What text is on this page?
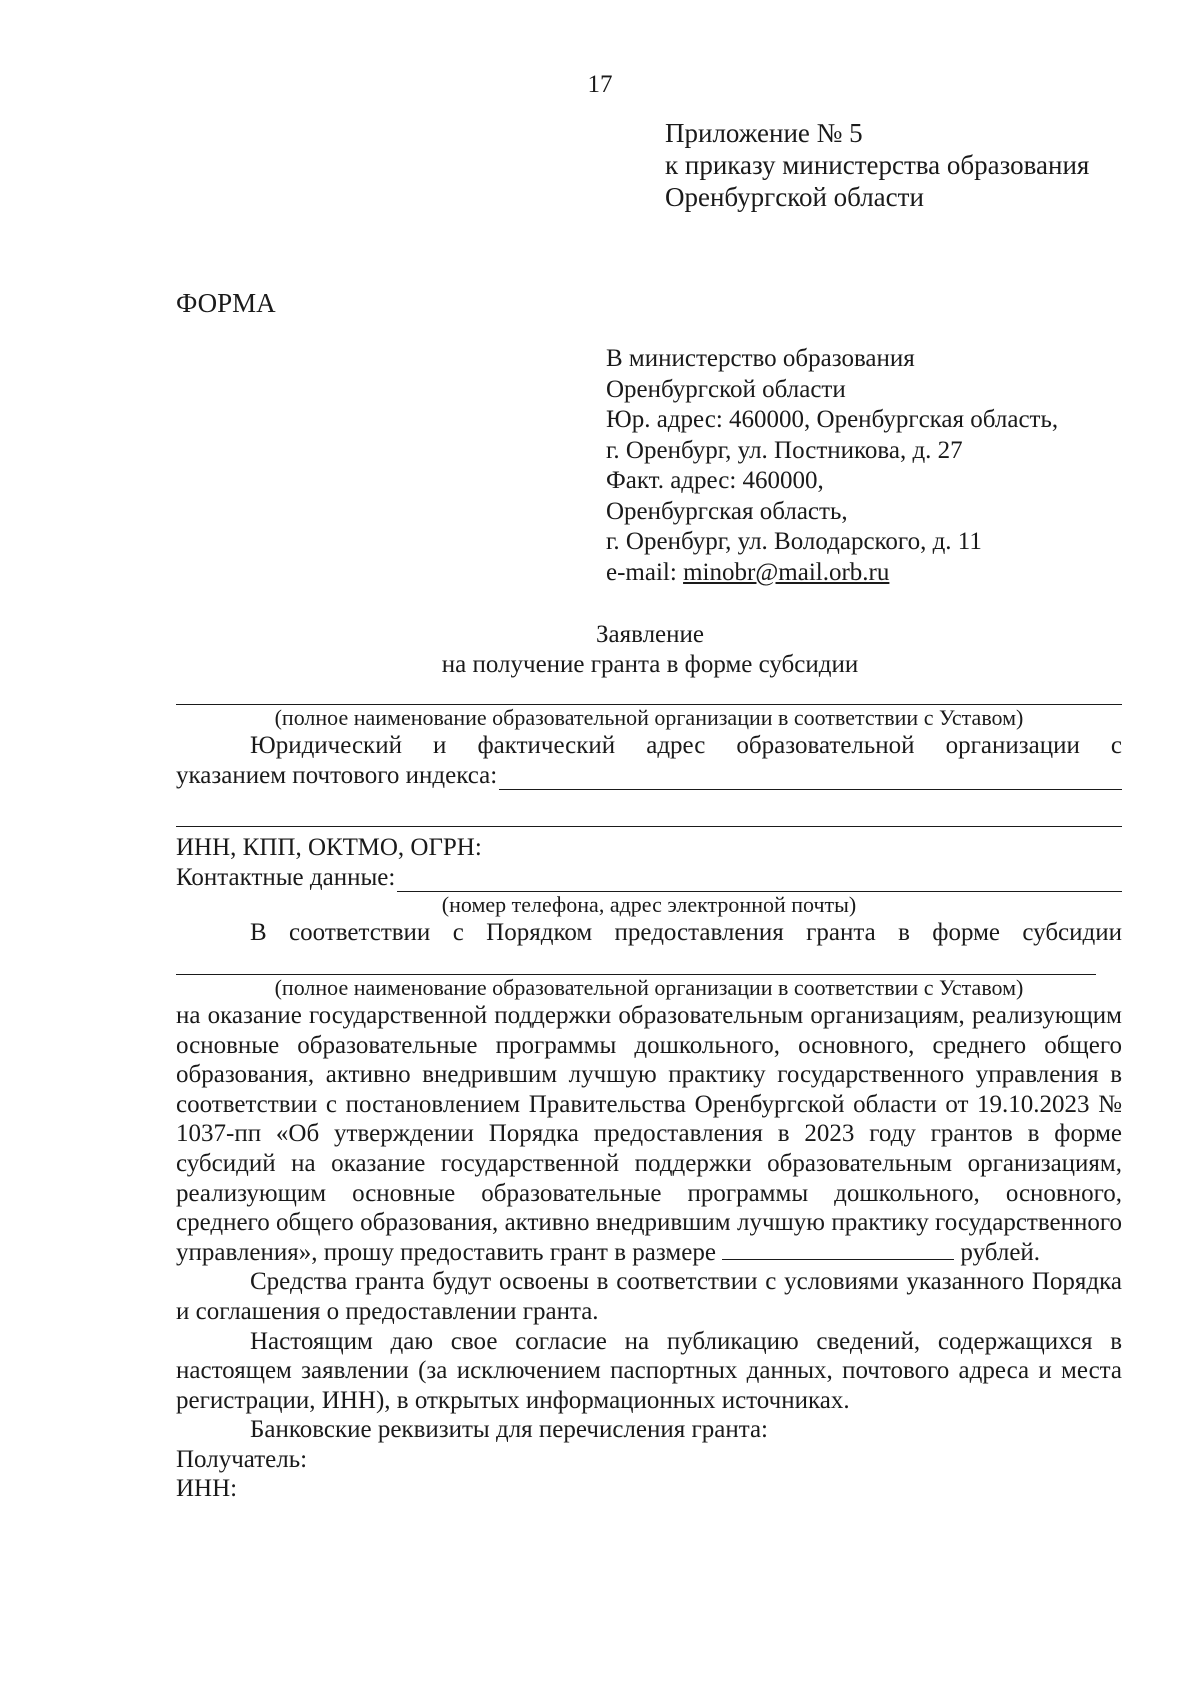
17
Приложение № 5
к приказу министерства образования
Оренбургской области
ФОРМА
В министерство образования
Оренбургской области
Юр. адрес: 460000, Оренбургская область,
г. Оренбург, ул. Постникова, д. 27
Факт. адрес: 460000,
Оренбургская область,
г. Оренбург, ул. Володарского, д. 11
e-mail: minobr@mail.orb.ru
Заявление
на получение гранта в форме субсидии
(полное наименование образовательной организации в соответствии с Уставом)
Юридический и фактический адрес образовательной организации с
указанием почтового индекса:
ИНН, КПП, ОКТМО, ОГРН:
Контактные данные:
(номер телефона, адрес электронной почты)
В соответствии с Порядком предоставления гранта в форме субсидии
(полное наименование образовательной организации в соответствии с Уставом)
на оказание государственной поддержки образовательным организациям, реализующим основные образовательные программы дошкольного, основного, среднего общего образования, активно внедрившим лучшую практику государственного управления в соответствии с постановлением Правительства Оренбургской области от 19.10.2023 № 1037-пп «Об утверждении Порядка предоставления в 2023 году грантов в форме субсидий на оказание государственной поддержки образовательным организациям, реализующим основные образовательные программы дошкольного, основного, среднего общего образования, активно внедрившим лучшую практику государственного управления», прошу предоставить грант в размере	рублей.
Средства гранта будут освоены в соответствии с условиями указанного Порядка и соглашения о предоставлении гранта.
Настоящим даю свое согласие на публикацию сведений, содержащихся в настоящем заявлении (за исключением паспортных данных, почтового адреса и места регистрации, ИНН), в открытых информационных источниках.
Банковские реквизиты для перечисления гранта:
Получатель:
ИНН:
